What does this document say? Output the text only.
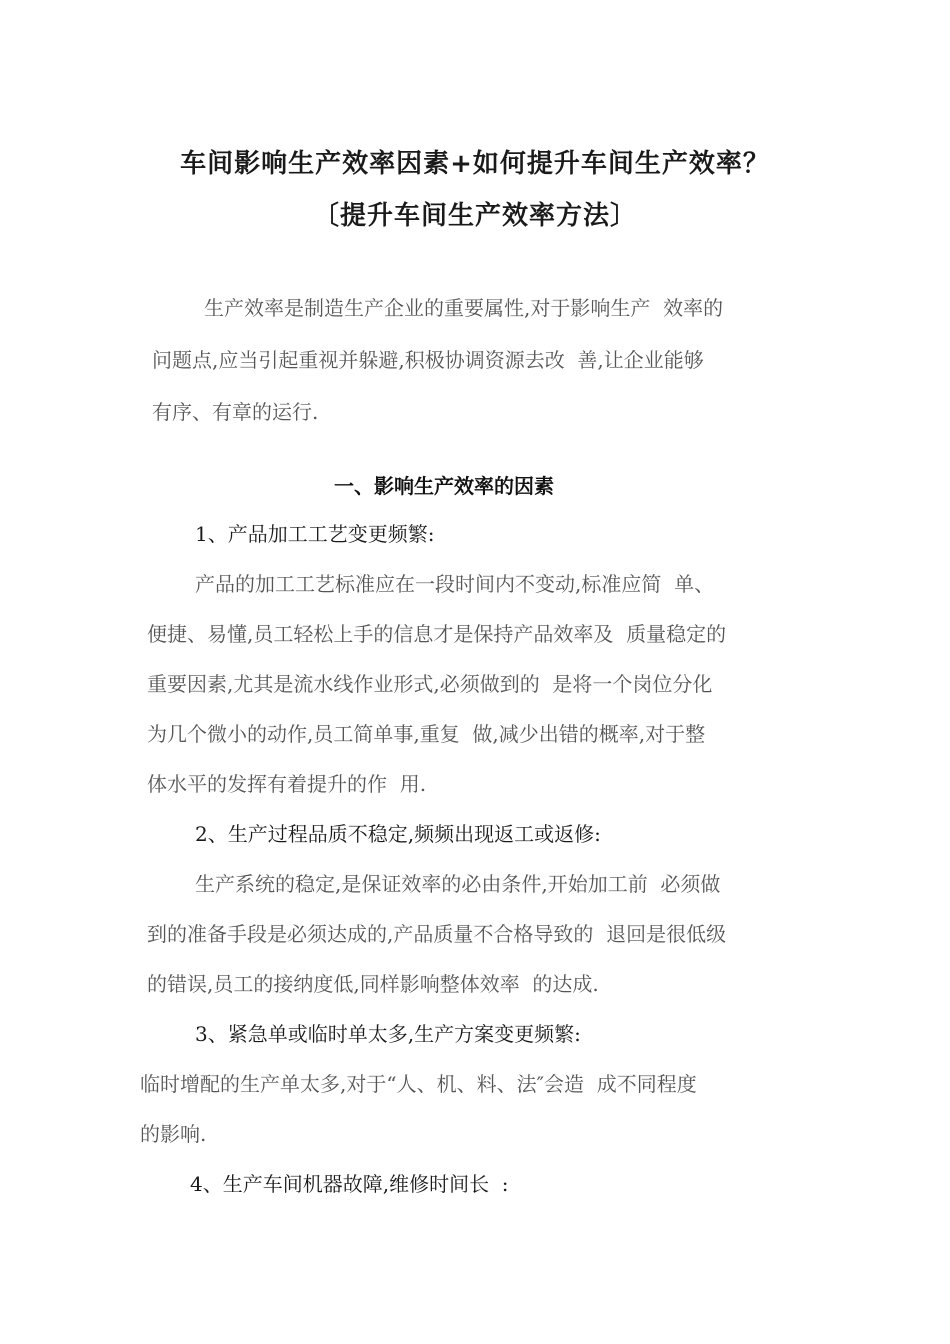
车间影响生产效率因素+如何提升车间生产效率？
〔提升车间生产效率方法〕
生产效率是制造生产企业的重要属性,对于影响生产  效率的
问题点,应当引起重视并躲避,积极协调资源去改  善,让企业能够
有序、有章的运行.
一、影响生产效率的因素
1、产品加工工艺变更频繁:
产品的加工工艺标准应在一段时间内不变动,标准应简  单、
便捷、易懂,员工轻松上手的信息才是保持产品效率及  质量稳定的
重要因素,尤其是流水线作业形式,必须做到的  是将一个岗位分化
为几个微小的动作,员工简单事,重复  做,减少出错的概率,对于整
体水平的发挥有着提升的作  用.
2、生产过程品质不稳定,频频出现返工或返修:
生产系统的稳定,是保证效率的必由条件,开始加工前  必须做
到的准备手段是必须达成的,产品质量不合格导致的  退回是很低级
的错误,员工的接纳度低,同样影响整体效率  的达成.
3、紧急单或临时单太多,生产方案变更频繁:
临时增配的生产单太多,对于“人、机、料、法″会造  成不同程度
的影响.
4、生产车间机器故障,维修时间长  :
